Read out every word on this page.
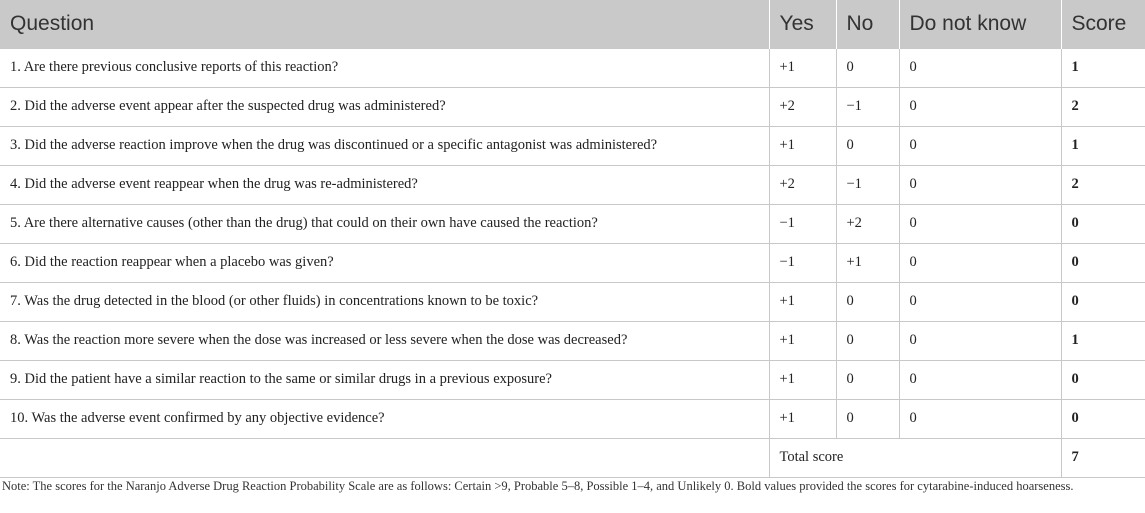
Question	Yes	No	Do not know	Score
1. Are there previous conclusive reports of this reaction?	+1	0	0	1
2. Did the adverse event appear after the suspected drug was administered?	+2	−1	0	2
3. Did the adverse reaction improve when the drug was discontinued or a specific antagonist was administered?	+1	0	0	1
4. Did the adverse event reappear when the drug was re-administered?	+2	−1	0	2
5. Are there alternative causes (other than the drug) that could on their own have caused the reaction?	−1	+2	0	0
6. Did the reaction reappear when a placebo was given?	−1	+1	0	0
7. Was the drug detected in the blood (or other fluids) in concentrations known to be toxic?	+1	0	0	0
8. Was the reaction more severe when the dose was increased or less severe when the dose was decreased?	+1	0	0	1
9. Did the patient have a similar reaction to the same or similar drugs in a previous exposure?	+1	0	0	0
10. Was the adverse event confirmed by any objective evidence?	+1	0	0	0
	Total score			7

Note: The scores for the Naranjo Adverse Drug Reaction Probability Scale are as follows: Certain >9, Probable 5–8, Possible 1–4, and Unlikely 0. Bold values provided the scores for cytarabine-induced hoarseness.
